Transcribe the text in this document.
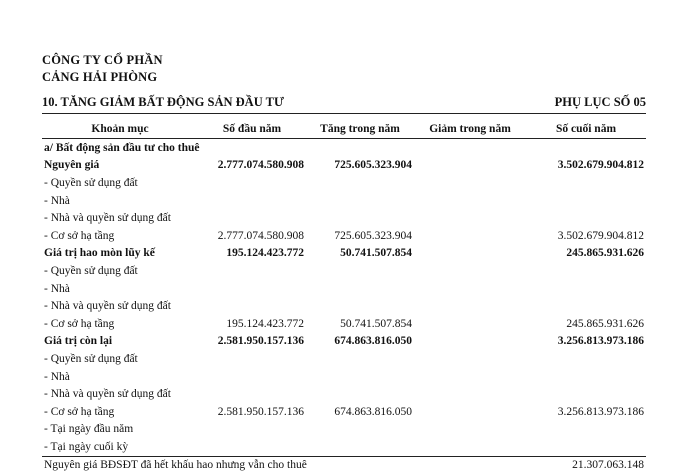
CÔNG TY CỔ PHẦN
CẢNG HẢI PHÒNG
10. TĂNG GIẢM BẤT ĐỘNG SẢN ĐẦU TƯ	PHỤ LỤC SỐ 05
Khoản mục	Số đầu năm	Tăng trong năm	Giảm trong năm	Số cuối năm
a/ Bất động sản đầu tư cho thuê				
Nguyên giá	2.777.074.580.908	725.605.323.904		3.502.679.904.812
- Quyền sử dụng đất				
- Nhà				
- Nhà và quyền sử dụng đất				
- Cơ sở hạ tầng	2.777.074.580.908	725.605.323.904		3.502.679.904.812
Giá trị hao mòn lũy kế	195.124.423.772	50.741.507.854		245.865.931.626
- Quyền sử dụng đất				
- Nhà				
- Nhà và quyền sử dụng đất				
- Cơ sở hạ tầng	195.124.423.772	50.741.507.854		245.865.931.626
Giá trị còn lại	2.581.950.157.136	674.863.816.050		3.256.813.973.186
- Quyền sử dụng đất				
- Nhà				
- Nhà và quyền sử dụng đất				
- Cơ sở hạ tầng	2.581.950.157.136	674.863.816.050		3.256.813.973.186
- Tại ngày đầu năm				
- Tại ngày cuối kỳ				
Nguyên giá BĐSĐT đã hết khấu hao nhưng vẫn cho thuê				21.307.063.148
